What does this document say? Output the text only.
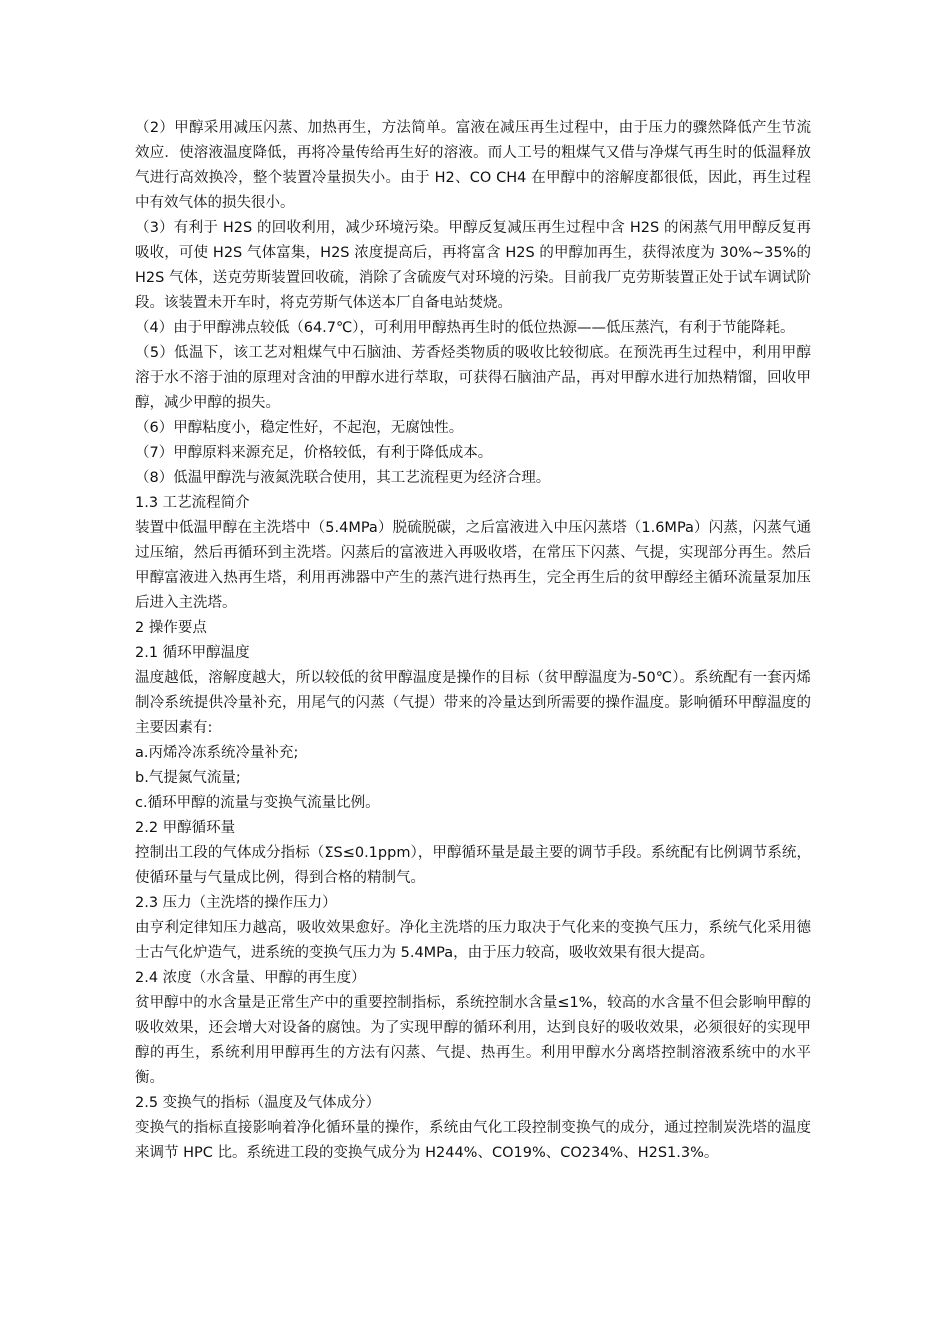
（2）甲醇采用减压闪蒸、加热再生，方法简单。富液在减压再生过程中，由于压力的骤然降低产生节流效应．使溶液温度降低，再将冷量传给再生好的溶液。而人工号的粗煤气又借与净煤气再生时的低温释放气进行高效换冷，整个装置冷量损失小。由于 H2、CO CH4 在甲醇中的溶解度都很低，因此，再生过程中有效气体的损失很小。

（3）有利于 H2S 的回收利用，减少环境污染。甲醇反复减压再生过程中含 H2S 的闲蒸气用甲醇反复再吸收，可使 H2S 气体富集，H2S 浓度提高后，再将富含 H2S 的甲醇加再生，获得浓度为 30%~35%的 H2S 气体，送克劳斯装置回收硫，消除了含硫废气对环境的污染。目前我厂克劳斯装置正处于试车调试阶段。该装置未开车时，将克劳斯气体送本厂自备电站焚烧。

（4）由于甲醇沸点较低（64.7℃），可利用甲醇热再生时的低位热源——低压蒸汽，有利于节能降耗。

（5）低温下，该工艺对粗煤气中石脑油、芳香烃类物质的吸收比较彻底。在预洗再生过程中，利用甲醇溶于水不溶于油的原理对含油的甲醇水进行萃取，可获得石脑油产品，再对甲醇水进行加热精馏，回收甲醇，减少甲醇的损失。

（6）甲醇粘度小，稳定性好，不起泡，无腐蚀性。

（7）甲醇原料来源充足，价格较低，有利于降低成本。

（8）低温甲醇洗与液氮洗联合使用，其工艺流程更为经济合理。

1.3 工艺流程简介

装置中低温甲醇在主洗塔中（5.4MPa）脱硫脱碳，之后富液进入中压闪蒸塔（1.6MPa）闪蒸，闪蒸气通过压缩，然后再循环到主洗塔。闪蒸后的富液进入再吸收塔，在常压下闪蒸、气提，实现部分再生。然后甲醇富液进入热再生塔，利用再沸器中产生的蒸汽进行热再生，完全再生后的贫甲醇经主循环流量泵加压后进入主洗塔。

2 操作要点

2.1 循环甲醇温度

温度越低，溶解度越大，所以较低的贫甲醇温度是操作的目标（贫甲醇温度为-50℃）。系统配有一套丙烯制冷系统提供冷量补充，用尾气的闪蒸（气提）带来的冷量达到所需要的操作温度。影响循环甲醇温度的主要因素有:

a.丙烯冷冻系统冷量补充;

b.气提氮气流量;

c.循环甲醇的流量与变换气流量比例。

2.2 甲醇循环量

控制出工段的气体成分指标（ΣS≤0.1ppm），甲醇循环量是最主要的调节手段。系统配有比例调节系统，使循环量与气量成比例，得到合格的精制气。

2.3 压力（主洗塔的操作压力）

由亨利定律知压力越高，吸收效果愈好。净化主洗塔的压力取决于气化来的变换气压力，系统气化采用德士古气化炉造气，进系统的变换气压力为 5.4MPa，由于压力较高，吸收效果有很大提高。

2.4 浓度（水含量、甲醇的再生度）

贫甲醇中的水含量是正常生产中的重要控制指标，系统控制水含量≤1%，较高的水含量不但会影响甲醇的吸收效果，还会增大对设备的腐蚀。为了实现甲醇的循环利用，达到良好的吸收效果，必须很好的实现甲醇的再生，系统利用甲醇再生的方法有闪蒸、气提、热再生。利用甲醇水分离塔控制溶液系统中的水平衡。

2.5 变换气的指标（温度及气体成分）

变换气的指标直接影响着净化循环量的操作，系统由气化工段控制变换气的成分，通过控制炭洗塔的温度来调节 HPC 比。系统进工段的变换气成分为 H244%、CO19%、CO234%、H2S1.3%。
